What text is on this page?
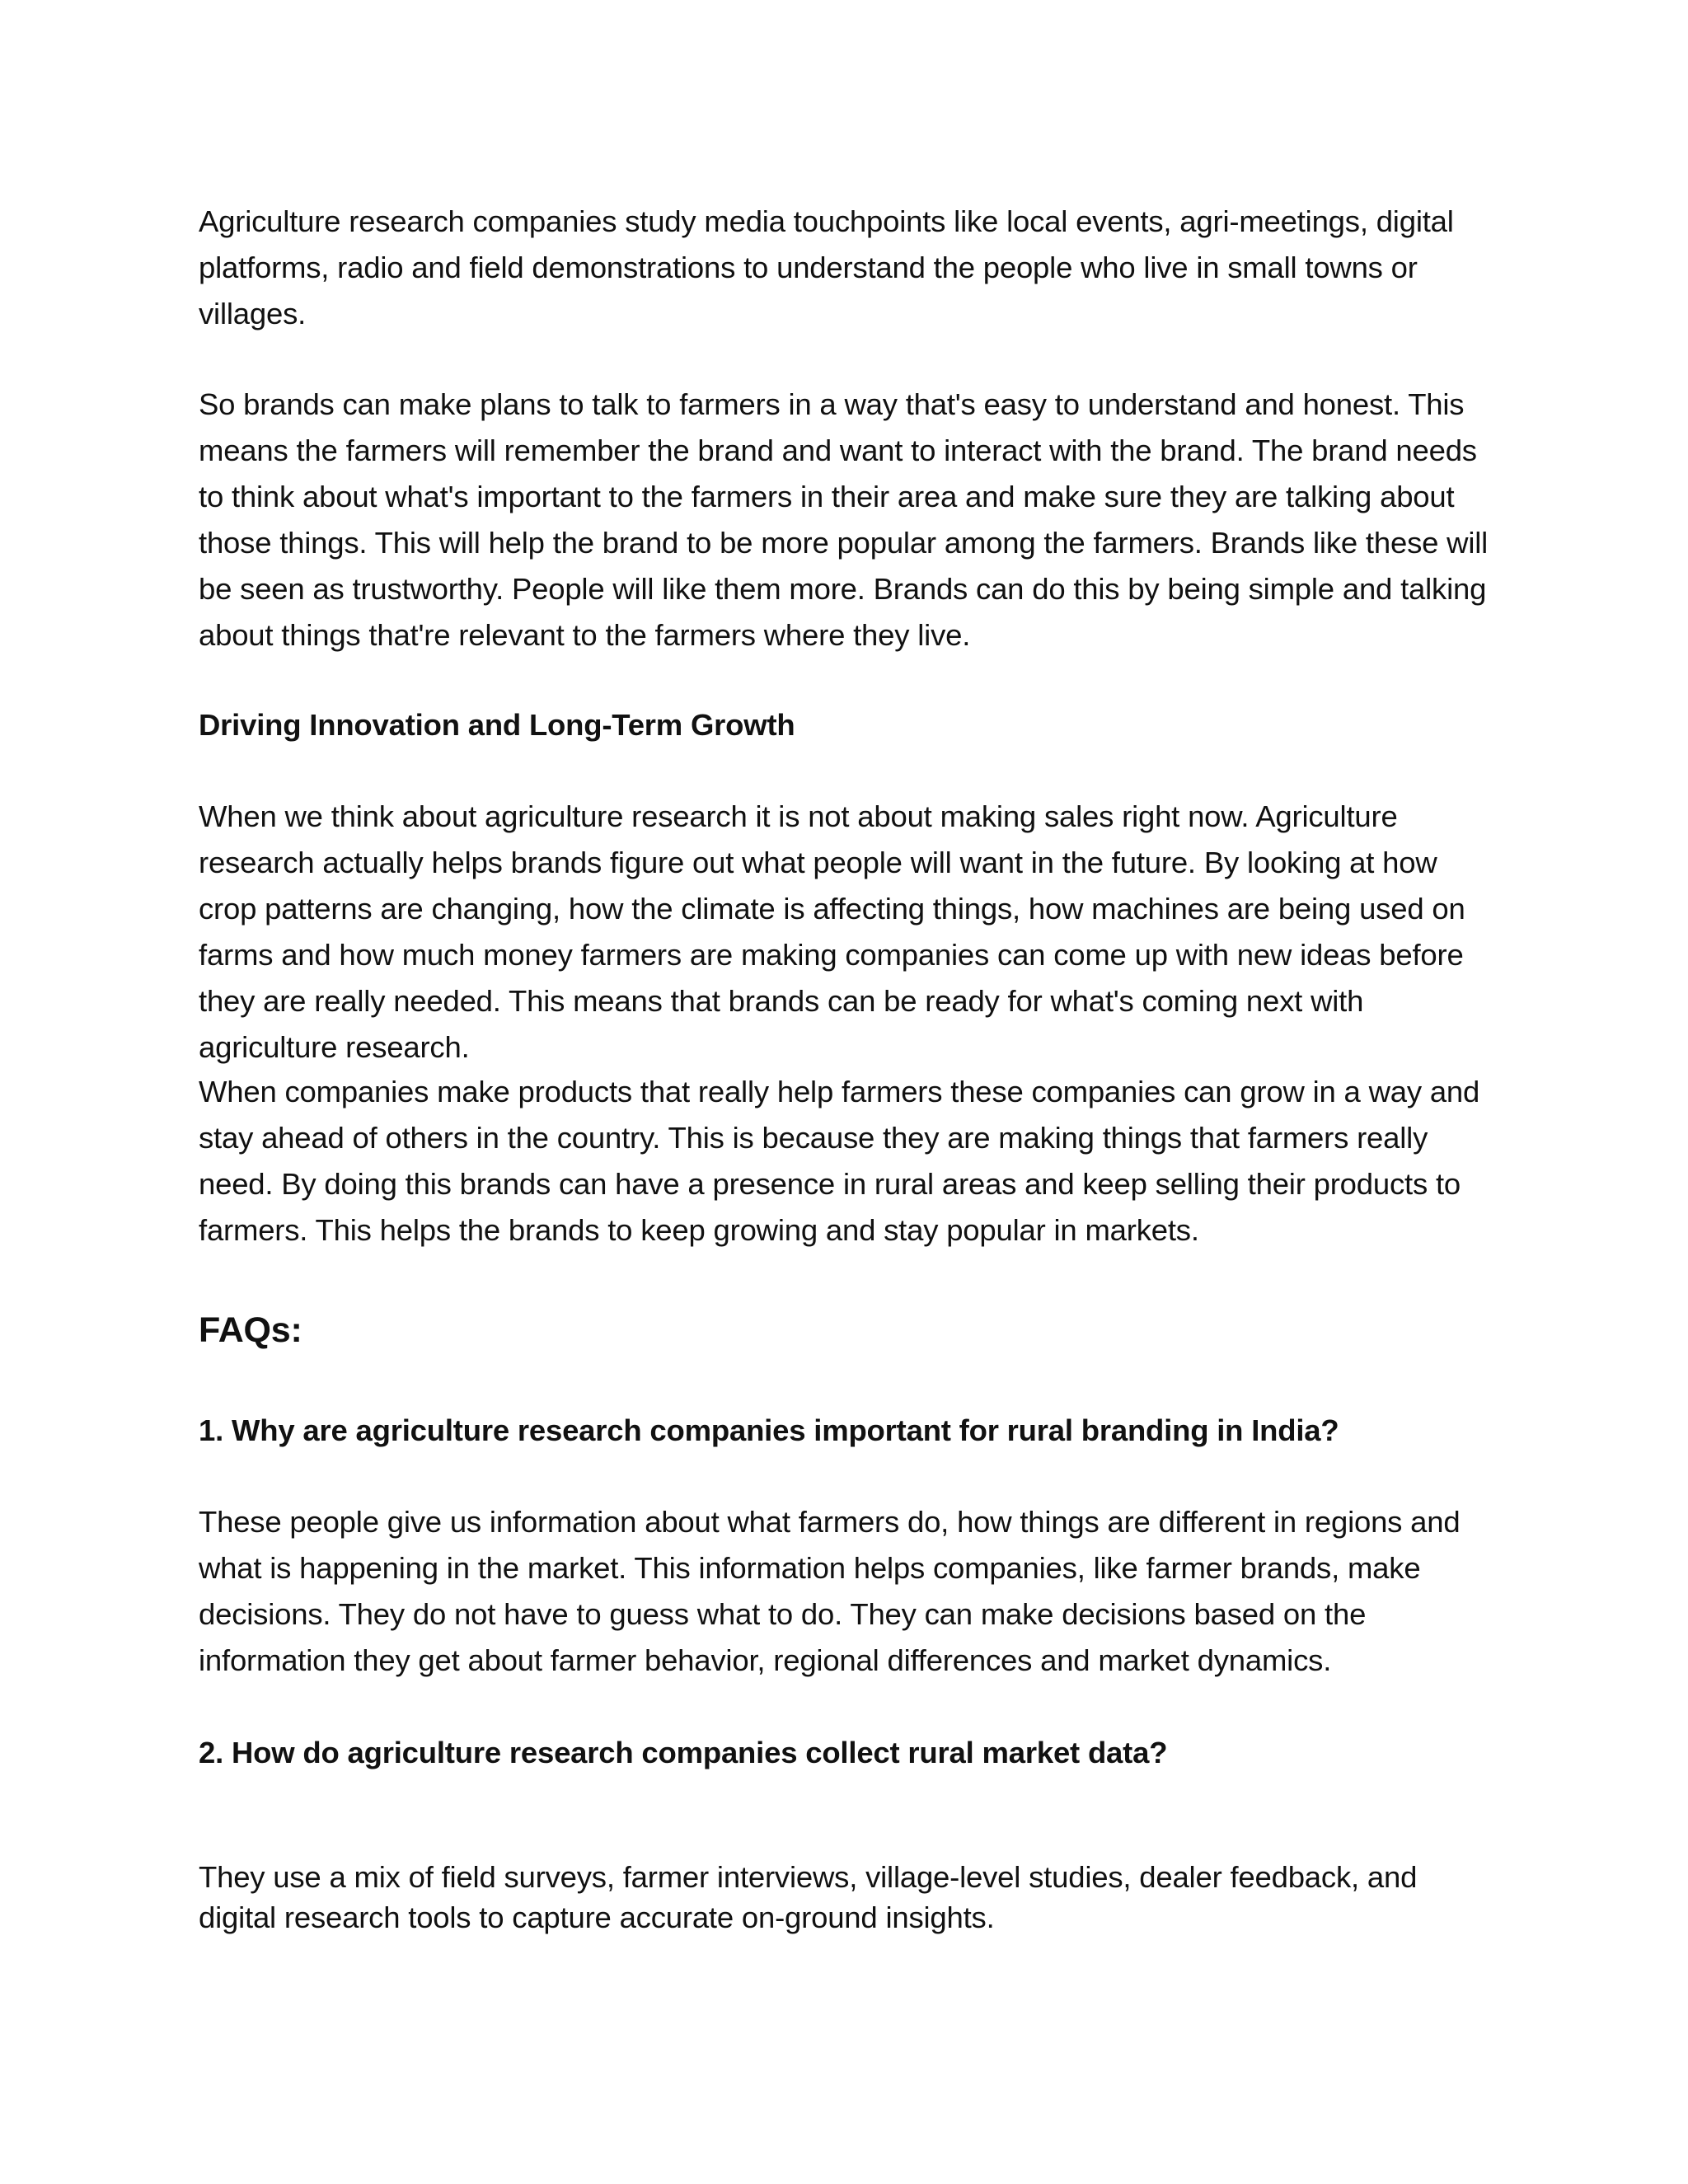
Agriculture research companies study media touchpoints like local events, agri-meetings, digital platforms, radio and field demonstrations to understand the people who live in small towns or villages.

So brands can make plans to talk to farmers in a way that's easy to understand and honest. This means the farmers will remember the brand and want to interact with the brand. The brand needs to think about what's important to the farmers in their area and make sure they are talking about those things. This will help the brand to be more popular among the farmers. Brands like these will be seen as trustworthy. People will like them more. Brands can do this by being simple and talking about things that're relevant to the farmers where they live.

Driving Innovation and Long-Term Growth

When we think about agriculture research it is not about making sales right now. Agriculture research actually helps brands figure out what people will want in the future. By looking at how crop patterns are changing, how the climate is affecting things, how machines are being used on farms and how much money farmers are making companies can come up with new ideas before they are really needed. This means that brands can be ready for what's coming next with agriculture research.

When companies make products that really help farmers these companies can grow in a way and stay ahead of others in the country. This is because they are making things that farmers really need. By doing this brands can have a presence in rural areas and keep selling their products to farmers. This helps the brands to keep growing and stay popular in markets.

FAQs:

1. Why are agriculture research companies important for rural branding in India?

These people give us information about what farmers do, how things are different in regions and what is happening in the market. This information helps companies, like farmer brands, make decisions. They do not have to guess what to do. They can make decisions based on the information they get about farmer behavior, regional differences and market dynamics.

2. How do agriculture research companies collect rural market data?

They use a mix of field surveys, farmer interviews, village-level studies, dealer feedback, and digital research tools to capture accurate on-ground insights.
